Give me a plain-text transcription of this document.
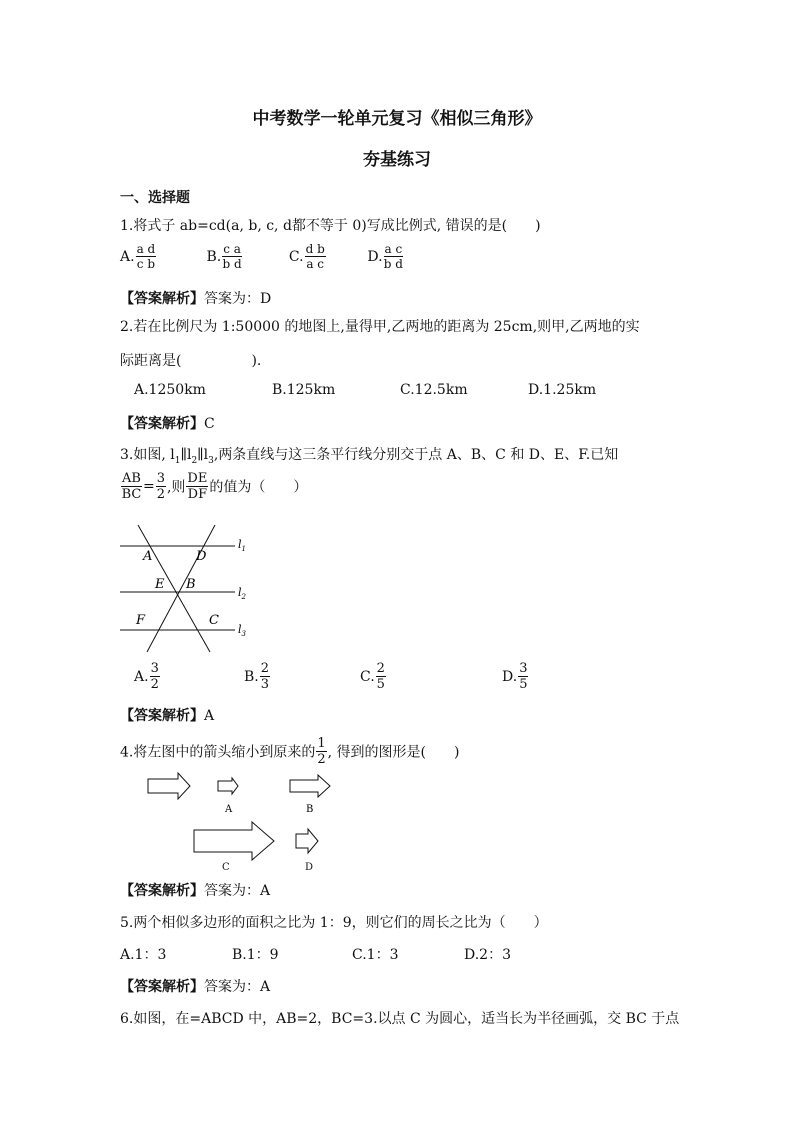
中考数学一轮单元复习《相似三角形》
夯基练习
一、选择题
1.将式子 ab=cd(a, b, c, d都不等于 0)写成比例式, 错误的是(　　)
A. $\frac{\text{a d}}{\text{c b}}$	B. $\frac{\text{c a}}{\text{b d}}$	C. $\frac{\text{d b}}{\text{a c}}$	D. $\frac{\text{a c}}{\text{b d}}$
【答案解析】答案为：D
2.若在比例尺为 1:50000 的地图上,量得甲,乙两地的距离为 25cm,则甲,乙两地的实
际距离是(　　　　　).
A.1250km	B.125km	C.12.5km	D.1.25km
【答案解析】C
3.如图, $l_1\parallel l_2\parallel l_3$,两条直线与这三条平行线分别交于点 A、B、C 和 D、E、F.已知
$\frac{AB}{BC} = \frac{3}{2}$ ,则 $\frac{DE}{DF}$ 的值为（　　）
A	D
E B
F	C
$l_1$
$l_2$
$l_3$
A. $\frac{3}{2}$	B. $\frac{2}{3}$	C. $\frac{2}{5}$	D. $\frac{3}{5}$
【答案解析】A
4.将左图中的箭头缩小到原来的 $\frac{1}{2}$ , 得到的图形是(　　)
A	B
C	D
【答案解析】答案为：A
5.两个相似多边形的面积之比为 1：9，则它们的周长之比为（　　）
A.1：3	B.1：9	C.1：3	D.2：3
【答案解析】答案为：A
6.如图，在=ABCD 中，AB=2，BC=3.以点 C 为圆心，适当长为半径画弧，交 BC 于点
